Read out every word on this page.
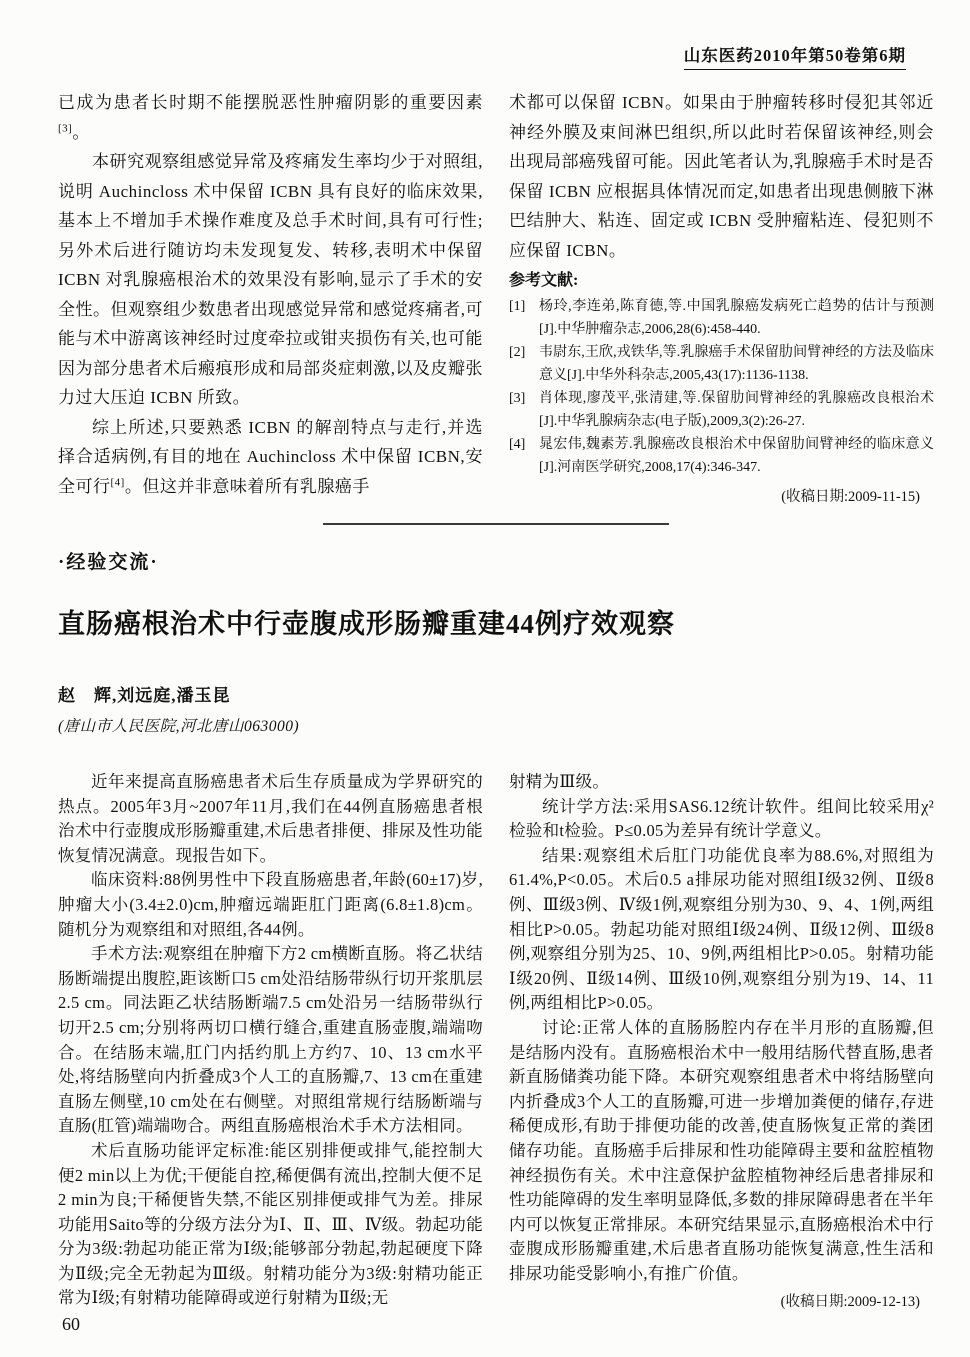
山东医药2010年第50卷第6期

已成为患者长时期不能摆脱恶性肿瘤阴影的重要因素[3]。

本研究观察组感觉异常及疼痛发生率均少于对照组,说明 Auchincloss 术中保留 ICBN 具有良好的临床效果,基本上不增加手术操作难度及总手术时间,具有可行性;另外术后进行随访均未发现复发、转移,表明术中保留 ICBN 对乳腺癌根治术的效果没有影响,显示了手术的安全性。但观察组少数患者出现感觉异常和感觉疼痛者,可能与术中游离该神经时过度牵拉或钳夹损伤有关,也可能因为部分患者术后瘢痕形成和局部炎症刺激,以及皮瓣张力过大压迫 ICBN 所致。

综上所述,只要熟悉 ICBN 的解剖特点与走行,并选择合适病例,有目的地在 Auchincloss 术中保留 ICBN,安全可行[4]。但这并非意味着所有乳腺癌手

术都可以保留 ICBN。如果由于肿瘤转移时侵犯其邻近神经外膜及束间淋巴组织,所以此时若保留该神经,则会出现局部癌残留可能。因此笔者认为,乳腺癌手术时是否保留 ICBN 应根据具体情况而定,如患者出现患侧腋下淋巴结肿大、粘连、固定或 ICBN 受肿瘤粘连、侵犯则不应保留 ICBN。

参考文献:
[1] 杨玲,李连弟,陈育德,等.中国乳腺癌发病死亡趋势的估计与预测[J].中华肿瘤杂志,2006,28(6):458-440.
[2] 韦尉东,王欣,戎铁华,等.乳腺癌手术保留肋间臂神经的方法及临床意义[J].中华外科杂志,2005,43(17):1136-1138.
[3] 肖体现,廖茂平,张清建,等.保留肋间臂神经的乳腺癌改良根治术[J].中华乳腺病杂志(电子版),2009,3(2):26-27.
[4] 晁宏伟,魏素芳.乳腺癌改良根治术中保留肋间臂神经的临床意义[J].河南医学研究,2008,17(4):346-347.
(收稿日期:2009-11-15)
·经验交流·
直肠癌根治术中行壶腹成形肠瓣重建44例疗效观察
赵　辉,刘远庭,潘玉昆
(唐山市人民医院,河北唐山063000)

近年来提高直肠癌患者术后生存质量成为学界研究的热点。2005年3月~2007年11月,我们在44例直肠癌患者根治术中行壶腹成形肠瓣重建,术后患者排便、排尿及性功能恢复情况满意。现报告如下。

临床资料:88例男性中下段直肠癌患者,年龄(60±17)岁,肿瘤大小(3.4±2.0)cm,肿瘤远端距肛门距离(6.8±1.8)cm。随机分为观察组和对照组,各44例。

手术方法:观察组在肿瘤下方2 cm横断直肠。将乙状结肠断端提出腹腔,距该断口5 cm处沿结肠带纵行切开浆肌层2.5 cm。同法距乙状结肠断端7.5 cm处沿另一结肠带纵行切开2.5 cm;分别将两切口横行缝合,重建直肠壶腹,端端吻合。在结肠末端,肛门内括约肌上方约7、10、13 cm水平处,将结肠壁向内折叠成3个人工的直肠瓣,7、13 cm在重建直肠左侧壁,10 cm处在右侧壁。对照组常规行结肠断端与直肠(肛管)端端吻合。两组直肠癌根治术手术方法相同。

术后直肠功能评定标准:能区别排便或排气,能控制大便2 min以上为优;干便能自控,稀便偶有流出,控制大便不足2 min为良;干稀便皆失禁,不能区别排便或排气为差。排尿功能用Saito等的分级方法分为Ⅰ、Ⅱ、Ⅲ、Ⅳ级。勃起功能分为3级:勃起功能正常为Ⅰ级;能够部分勃起,勃起硬度下降为Ⅱ级;完全无勃起为Ⅲ级。射精功能分为3级:射精功能正常为Ⅰ级;有射精功能障碍或逆行射精为Ⅱ级;无

射精为Ⅲ级。

统计学方法:采用SAS6.12统计软件。组间比较采用χ²检验和t检验。P≤0.05为差异有统计学意义。

结果:观察组术后肛门功能优良率为88.6%,对照组为61.4%,P<0.05。术后0.5 a排尿功能对照组Ⅰ级32例、Ⅱ级8例、Ⅲ级3例、Ⅳ级1例,观察组分别为30、9、4、1例,两组相比P>0.05。勃起功能对照组Ⅰ级24例、Ⅱ级12例、Ⅲ级8例,观察组分别为25、10、9例,两组相比P>0.05。射精功能Ⅰ级20例、Ⅱ级14例、Ⅲ级10例,观察组分别为19、14、11例,两组相比P>0.05。

讨论:正常人体的直肠肠腔内存在半月形的直肠瓣,但是结肠内没有。直肠癌根治术中一般用结肠代替直肠,患者新直肠储粪功能下降。本研究观察组患者术中将结肠壁向内折叠成3个人工的直肠瓣,可进一步增加粪便的储存,存进稀便成形,有助于排便功能的改善,使直肠恢复正常的粪团储存功能。直肠癌手后排尿和性功能障碍主要和盆腔植物神经损伤有关。术中注意保护盆腔植物神经后患者排尿和性功能障碍的发生率明显降低,多数的排尿障碍患者在半年内可以恢复正常排尿。本研究结果显示,直肠癌根治术中行壶腹成形肠瓣重建,术后患者直肠功能恢复满意,性生活和排尿功能受影响小,有推广价值。

(收稿日期:2009-12-13)
60
